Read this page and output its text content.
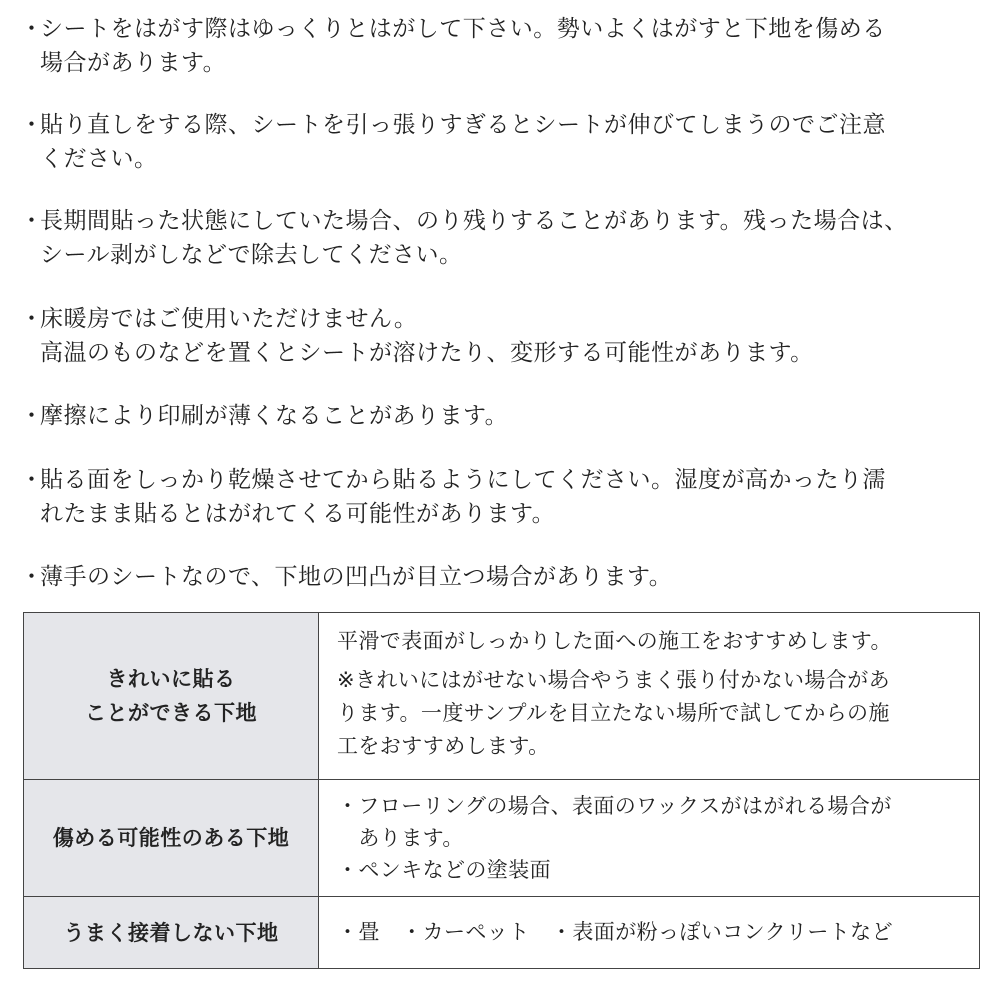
・シートをはがす際はゆっくりとはがして下さい。勢いよくはがすと下地を傷める
場合があります。
・貼り直しをする際、シートを引っ張りすぎるとシートが伸びてしまうのでご注意
ください。
・長期間貼った状態にしていた場合、のり残りすることがあります。残った場合は、
シール剥がしなどで除去してください。
・床暖房ではご使用いただけません。
高温のものなどを置くとシートが溶けたり、変形する可能性があります。
・摩擦により印刷が薄くなることがあります。
・貼る面をしっかり乾燥させてから貼るようにしてください。湿度が高かったり濡
れたまま貼るとはがれてくる可能性があります。
・薄手のシートなので、下地の凹凸が目立つ場合があります。
きれいに貼る
ことができる下地
平滑で表面がしっかりした面への施工をおすすめします。
※きれいにはがせない場合やうまく張り付かない場合があ
ります。一度サンプルを目立たない場所で試してからの施
工をおすすめします。
傷める可能性のある下地
・フローリングの場合、表面のワックスがはがれる場合が
　あります。
・ペンキなどの塗装面
うまく接着しない下地	・畳　・カーペット　・表面が粉っぽいコンクリートなど
